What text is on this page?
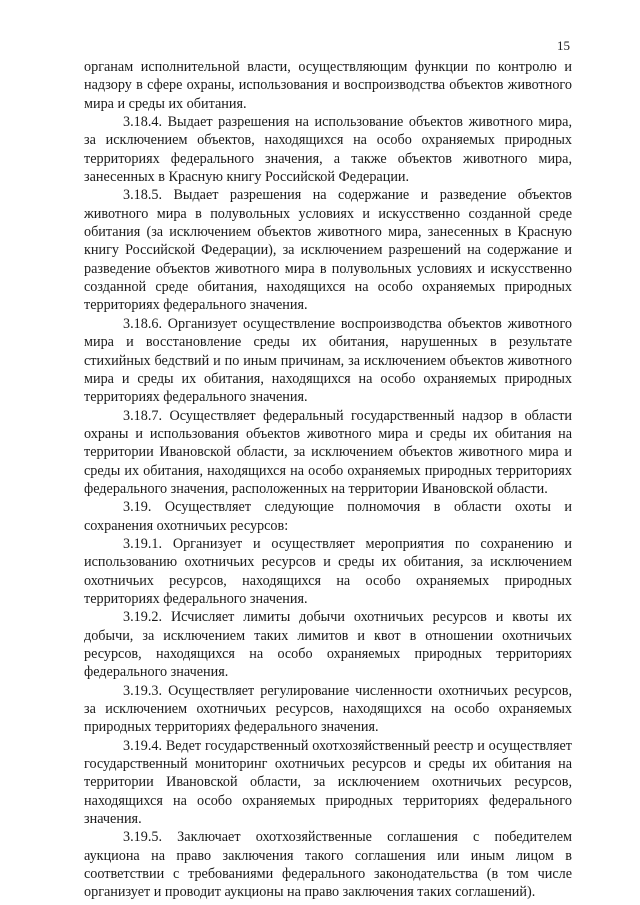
15

органам исполнительной власти, осуществляющим функции по контролю и надзору в сфере охраны, использования и воспроизводства объектов животного мира и среды их обитания.

3.18.4. Выдает разрешения на использование объектов животного мира, за исключением объектов, находящихся на особо охраняемых природных территориях федерального значения, а также объектов животного мира, занесенных в Красную книгу Российской Федерации.

3.18.5. Выдает разрешения на содержание и разведение объектов животного мира в полувольных условиях и искусственно созданной среде обитания (за исключением объектов животного мира, занесенных в Красную книгу Российской Федерации), за исключением разрешений на содержание и разведение объектов животного мира в полувольных условиях и искусственно созданной среде обитания, находящихся на особо охраняемых природных территориях федерального значения.

3.18.6. Организует осуществление воспроизводства объектов животного мира и восстановление среды их обитания, нарушенных в результате стихийных бедствий и по иным причинам, за исключением объектов животного мира и среды их обитания, находящихся на особо охраняемых природных территориях федерального значения.

3.18.7. Осуществляет федеральный государственный надзор в области охраны и использования объектов животного мира и среды их обитания на территории Ивановской области, за исключением объектов животного мира и среды их обитания, находящихся на особо охраняемых природных территориях федерального значения, расположенных на территории Ивановской области.

3.19. Осуществляет следующие полномочия в области охоты и сохранения охотничьих ресурсов:

3.19.1. Организует и осуществляет мероприятия по сохранению и использованию охотничьих ресурсов и среды их обитания, за исключением охотничьих ресурсов, находящихся на особо охраняемых природных территориях федерального значения.

3.19.2. Исчисляет лимиты добычи охотничьих ресурсов и квоты их добычи, за исключением таких лимитов и квот в отношении охотничьих ресурсов, находящихся на особо охраняемых природных территориях федерального значения.

3.19.3. Осуществляет регулирование численности охотничьих ресурсов, за исключением охотничьих ресурсов, находящихся на особо охраняемых природных территориях федерального значения.

3.19.4. Ведет государственный охотхозяйственный реестр и осуществляет государственный мониторинг охотничьих ресурсов и среды их обитания на территории Ивановской области, за исключением охотничьих ресурсов, находящихся на особо охраняемых природных территориях федерального значения.

3.19.5. Заключает охотхозяйственные соглашения с победителем аукциона на право заключения такого соглашения или иным лицом в соответствии с требованиями федерального законодательства (в том числе организует и проводит аукционы на право заключения таких соглашений).
